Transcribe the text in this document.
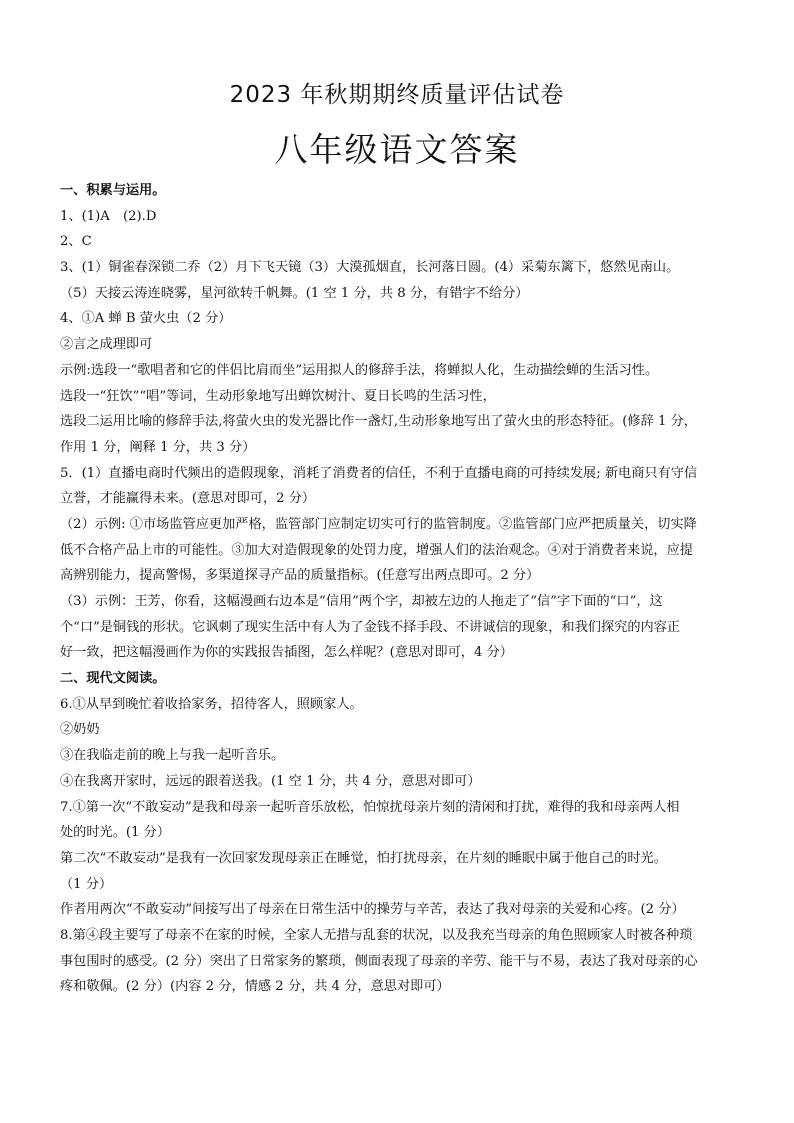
2023 年秋期期终质量评估试卷
八年级语文答案
一、积累与运用。
1、(1)A　(2).D
2、C
3、(1）铜雀春深锁二乔（2）月下飞天镜（3）大漠孤烟直，长河落日圆。(4）采菊东篱下，悠然见南山。
（5）天接云涛连晓雾，星河欲转千帆舞。(1 空 1 分，共 8 分，有错字不给分）
4、①A 蝉 B 萤火虫（2 分）
②言之成理即可
示例:选段一“歌唱者和它的伴侣比肩而坐”运用拟人的修辞手法，将蝉拟人化，生动描绘蝉的生活习性。
选段一“狂饮”“唱”等词，生动形象地写出蝉饮树汁、夏日长鸣的生活习性，
选段二运用比喻的修辞手法,将萤火虫的发光器比作一盏灯,生动形象地写出了萤火虫的形态特征。(修辞 1 分，
作用 1 分，阐释 1 分，共 3 分）
5．(1）直播电商时代频出的造假现象，消耗了消费者的信任，不利于直播电商的可持续发展; 新电商只有守信
立誉，才能赢得未来。(意思对即可，2 分）
（2）示例: ①市场监管应更加严格，监管部门应制定切实可行的监管制度。②监管部门应严把质量关，切实降
低不合格产品上市的可能性。③加大对造假现象的处罚力度，增强人们的法治观念。④对于消费者来说，应提
高辨别能力，提高警惕，多渠道探寻产品的质量指标。(任意写出两点即可。2 分）
（3）示例：王芳，你看，这幅漫画右边本是“信用”两个字，却被左边的人拖走了“信”字下面的“口”，这
个“口”是铜钱的形状。它讽刺了现实生活中有人为了金钱不择手段、不讲诚信的现象，和我们探究的内容正
好一致，把这幅漫画作为你的实践报告插图，怎么样呢？(意思对即可，4 分）
二、现代文阅读。
6.①从早到晚忙着收拾家务，招待客人，照顾家人。
②奶奶
③在我临走前的晚上与我一起听音乐。
④在我离开家时，远远的跟着送我。(1 空 1 分，共 4 分，意思对即可）
7.①第一次“不敢妄动”是我和母亲一起听音乐放松，怕惊扰母亲片刻的清闲和打扰，难得的我和母亲两人相
处的时光。(1 分）
第二次“不敢妄动”是我有一次回家发现母亲正在睡觉，怕打扰母亲，在片刻的睡眠中属于他自己的时光。
（1 分）
作者用两次“不敢妄动”间接写出了母亲在日常生活中的操劳与辛苦，表达了我对母亲的关爱和心疼。(2 分）
8.第④段主要写了母亲不在家的时候，全家人无措与乱套的状况，以及我充当母亲的角色照顾家人时被各种琐
事包围时的感受。(2 分）突出了日常家务的繁琐，侧面表现了母亲的辛劳、能干与不易，表达了我对母亲的心
疼和敬佩。(2 分）(内容 2 分，情感 2 分，共 4 分，意思对即可）
